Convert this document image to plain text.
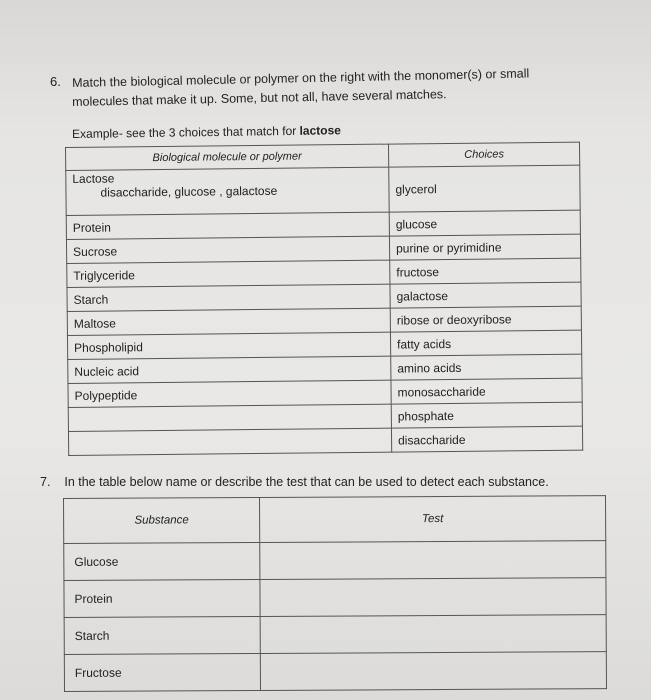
6. Match the biological molecule or polymer on the right with the monomer(s) or small
molecules that make it up. Some, but not all, have several matches.
Example- see the 3 choices that match for lactose
Biological molecule or polymer	Choices
Lactose
disaccharide, glucose , galactose	glycerol
Protein	glucose
Sucrose	purine or pyrimidine
Triglyceride	fructose
Starch	galactose
Maltose	ribose or deoxyribose
Phospholipid	fatty acids
Nucleic acid	amino acids
Polypeptide	monosaccharide
	phosphate
	disaccharide
7. In the table below name or describe the test that can be used to detect each substance.
Substance	Test
Glucose	
Protein	
Starch	
Fructose	
